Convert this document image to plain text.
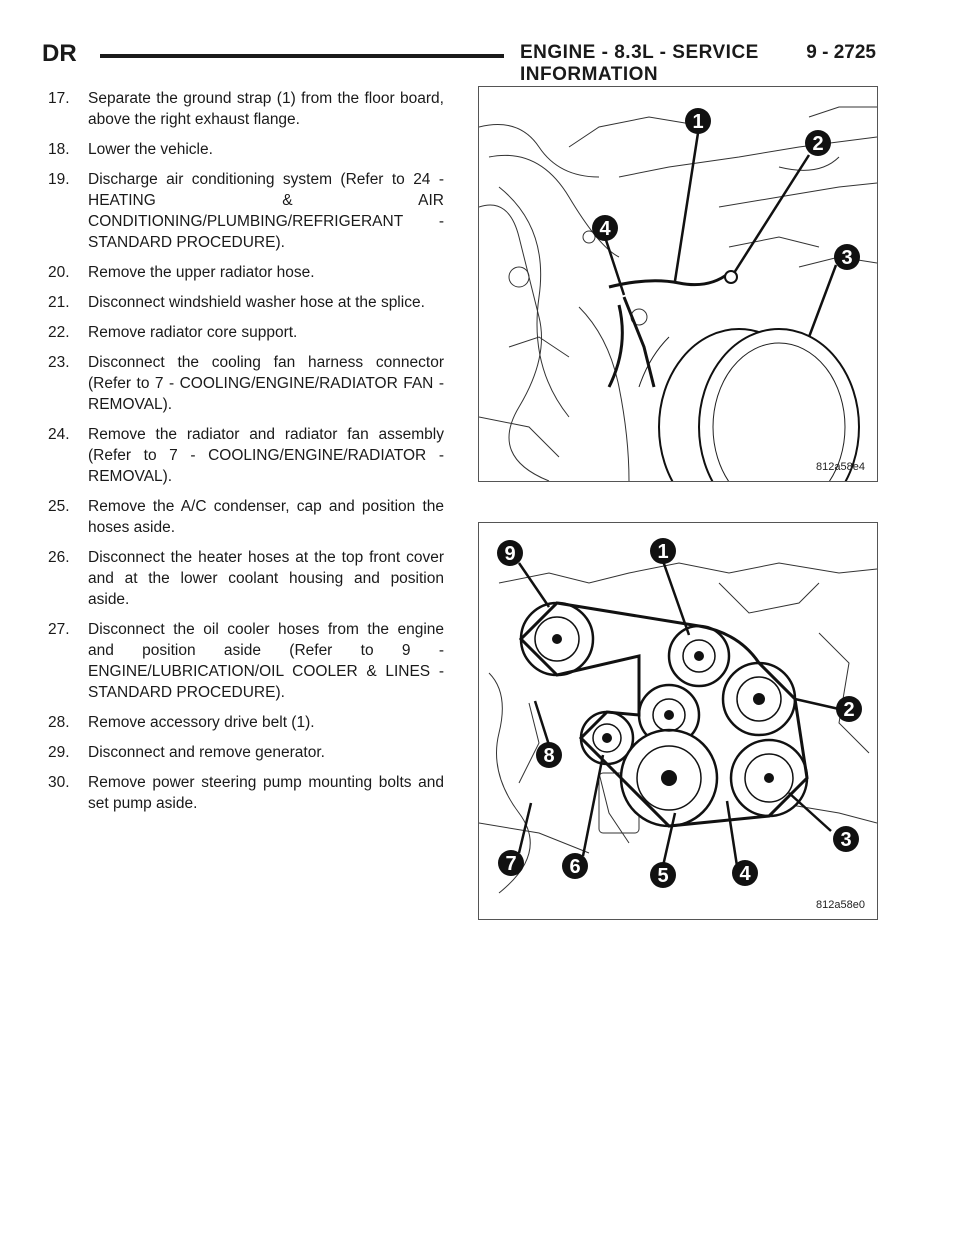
DR	ENGINE - 8.3L - SERVICE INFORMATION
9 - 2725
17.	Separate the ground strap (1) from the floor board, above the right exhaust flange.
18.	Lower the vehicle.
19.	Discharge air conditioning system (Refer to 24 - HEATING & AIR CONDITIONING/PLUMBING/REFRIGERANT - STANDARD PROCEDURE).
20.	Remove the upper radiator hose.
21.	Disconnect windshield washer hose at the splice.
22.	Remove radiator core support.
23.	Disconnect the cooling fan harness connector (Refer to 7 - COOLING/ENGINE/RADIATOR FAN - REMOVAL).
24.	Remove the radiator and radiator fan assembly (Refer to 7 - COOLING/ENGINE/RADIATOR - REMOVAL).
25.	Remove the A/C condenser, cap and position the hoses aside.
26.	Disconnect the heater hoses at the top front cover and at the lower coolant housing and position aside.
27.	Disconnect the oil cooler hoses from the engine and position aside (Refer to 9 - ENGINE/LUBRICATION/OIL COOLER & LINES - STANDARD PROCEDURE).
28.	Remove accessory drive belt (1).
29.	Disconnect and remove generator.
30.	Remove power steering pump mounting bolts and set pump aside.
1
2
3
4
812a58e4
9	1
2
8
3
7	6	5	4
812a58e0
